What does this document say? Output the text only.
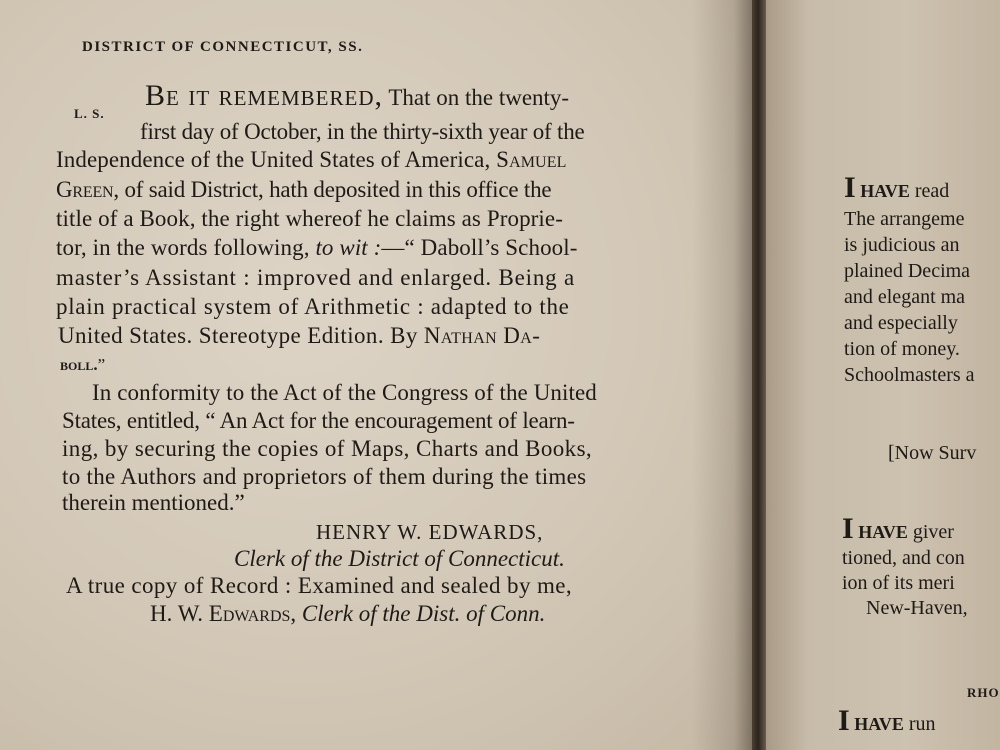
DISTRICT OF CONNECTICUT, SS.
L. S.
Be it remembered, That on the twenty-
first day of October, in the thirty-sixth year of the
Independence of the United States of America, Samuel
Green, of said District, hath deposited in this office the
title of a Book, the right whereof he claims as Proprie-
tor, in the words following, to wit :—“ Daboll’s School-
master’s Assistant : improved and enlarged. Being a
plain practical system of Arithmetic : adapted to the
United States. Stereotype Edition. By Nathan Da-
boll.”
In conformity to the Act of the Congress of the United
States, entitled, “ An Act for the encouragement of learn-
ing, by securing the copies of Maps, Charts and Books,
to the Authors and proprietors of them during the times
therein mentioned.”
HENRY W. EDWARDS,
Clerk of the District of Connecticut.
A true copy of Record : Examined and sealed by me,
H. W. Edwards, Clerk of the Dist. of Conn.
I HAVE read
The arrangeme
is judicious an
plained Decima
and elegant ma
and especially
tion of money.
Schoolmasters a
[Now Surv
I HAVE giver
tioned, and con
ion of its meri
New-Haven,
RHO
I HAVE run
